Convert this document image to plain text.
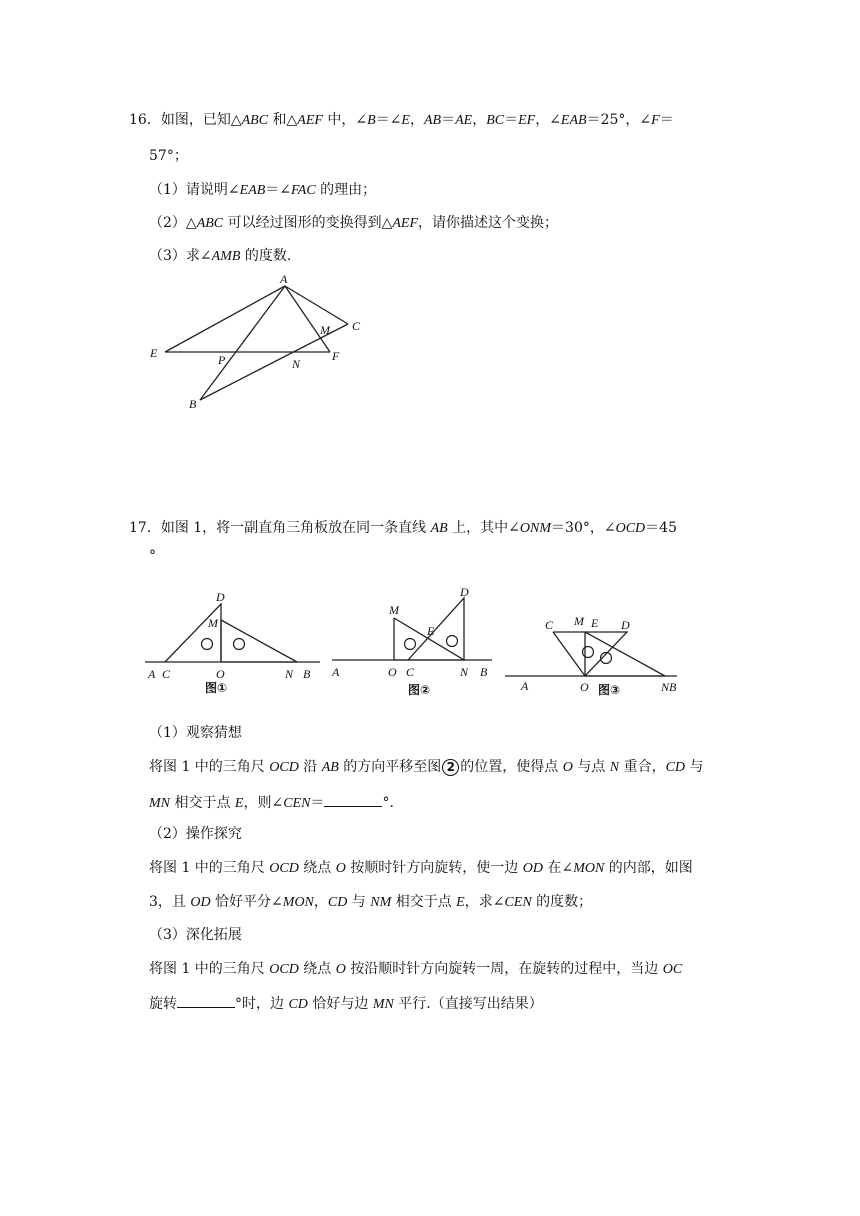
16．如图，已知△ABC 和△AEF 中，∠B＝∠E，AB＝AE，BC＝EF，∠EAB＝25°，∠F＝
57°；
（1）请说明∠EAB＝∠FAC 的理由；
（2）△ABC 可以经过图形的变换得到△AEF，请你描述这个变换；
（3）求∠AMB 的度数.
A
E	F
C
M
P	N
B
17．如图 1，将一副直角三角板放在同一条直线 AB 上，其中∠ONM＝30°，∠OCD＝45
°
D
M
A C	O	N B
图①
M
D
E
A	O C	N B
图②
C M E D
A	O	NB
图③
（1）观察猜想
将图 1 中的三角尺 OCD 沿 AB 的方向平移至图 2 的位置，使得点 O 与点 N 重合，CD 与
MN 相交于点 E，则∠CEN＝	°.
（2）操作探究
将图 1 中的三角尺 OCD 绕点 O 按顺时针方向旋转，使一边 OD 在∠MON 的内部，如图
3，且 OD 恰好平分∠MON，CD 与 NM 相交于点 E，求∠CEN 的度数；
（3）深化拓展
将图 1 中的三角尺 OCD 绕点 O 按沿顺时针方向旋转一周，在旋转的过程中，当边 OC
旋转	°时，边 CD 恰好与边 MN 平行.（直接写出结果）
